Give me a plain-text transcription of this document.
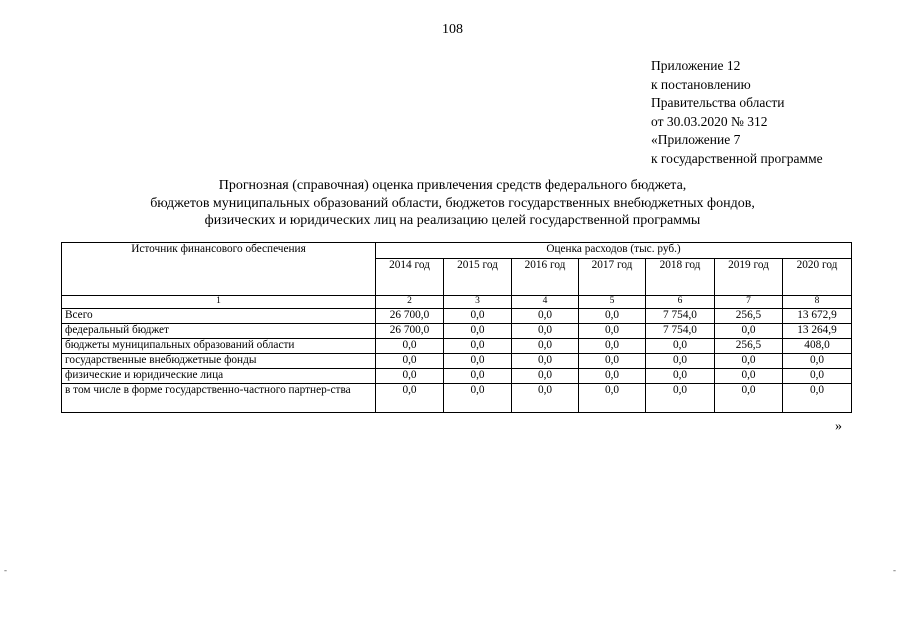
108
Приложение 12
к постановлению
Правительства области
от 30.03.2020 № 312
«Приложение 7
к государственной программе
Прогнозная (справочная) оценка привлечения средств федерального бюджета,
бюджетов муниципальных образований области, бюджетов государственных внебюджетных фондов,
физических и юридических лиц на реализацию целей государственной программы
Источник финансового обеспечения	Оценка расходов (тыс. руб.)						
	2014 год	2015 год	2016 год	2017 год	2018 год	2019 год	2020 год
1	2	3	4	5	6	7	8
Всего	26 700,0	0,0	0,0	0,0	7 754,0	256,5	13 672,9
федеральный бюджет	26 700,0	0,0	0,0	0,0	7 754,0	0,0	13 264,9
бюджеты муниципальных образований области	0,0	0,0	0,0	0,0	0,0	256,5	408,0
государственные внебюджетные фонды	0,0	0,0	0,0	0,0	0,0	0,0	0,0
физические и юридические лица	0,0	0,0	0,0	0,0	0,0	0,0	0,0
в том числе в форме государственно-частного партнер-ства	0,0	0,0	0,0	0,0	0,0	0,0	0,0
»
-	-
